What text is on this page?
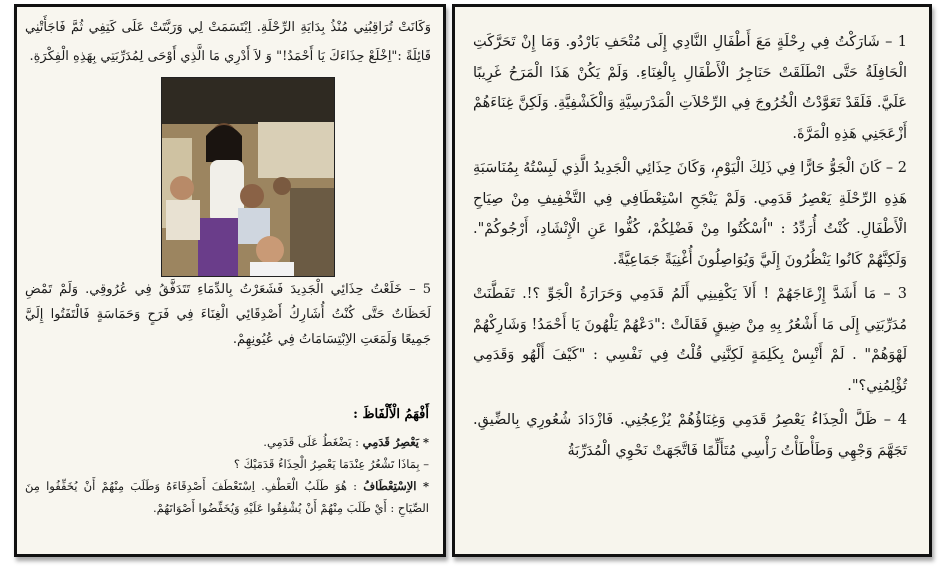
وَكَانَتْ تُرَاقِبُنِي مُنْذُ بِدَايَةِ الرِّحْلَةِ. اِبْتَسَمَتْ لِي وَرَبَّتَتْ عَلَى كَتِفِي ثُمَّ فَاجَأَتْنِي قَائِلَةً :"اِخْلَعْ حِذَاءَكَ يَا أَحْمَدُ!" وَ لاَ أَدْرِي مَا الَّذِي أَوْحَى لِمُدَرِّبَتِي بِهَذِهِ الْفِكْرَةِ.
5 – خَلَعْتُ حِذَائِي الْجَدِيدَ فَشَعَرْتُ بِالدِّمَاءِ تَتَدَفَّقُ فِي عُرُوقِي. وَلَمْ تَمْضِ لَحَظَاتٌ حَتَّى كُنْتُ أُشَارِكُ أَصْدِقَائِي الْغِنَاءَ فِي فَرَحٍ وَحَمَاسَةٍ فَالْتَفَتُوا إِلَيَّ جَمِيعًا وَلَمَعَتِ الاِبْتِسَامَاتُ فِي عُيُونِهِمْ.
أَفْهَمُ الْأَلْفَاظَ :
* يَعْصِرُ قَدَمِي : يَضْغَطُ عَلَى قَدَمِي.
– بِمَاذَا تَشْعُرُ عِنْدَمَا يَعْصِرُ الْحِذَاءُ قَدَمَيْكَ ؟
* الاِسْتِعْطَافُ : هُوَ طَلَبُ الْعَطْفِ. اِسْتَعْطَفَ أَصْدِقَاءَهُ وَطَلَبَ مِنْهُمْ أَنْ يُخَفِّفُوا مِنَ الصِّيَاحِ : أَيْ طَلَبَ مِنْهُمْ أَنْ يُشْفِقُوا عَلَيْهِ وَيُخَفِّضُوا أَصْوَاتَهُمْ.

1 – شَارَكْتُ فِي رِحْلَةٍ مَعَ أَطْفَالِ النَّادِي إِلَى مُتْحَفِ بَارْدُو. وَمَا إِنْ تَحَرَّكَتِ الْحَافِلَةُ حَتَّى انْطَلَقَتْ حَنَاجِرُ الْأَطْفَالِ بِالْغِنَاءِ. وَلَمْ يَكُنْ هَذَا الْمَرَحُ غَرِيبًا عَلَيَّ. فَلَقَدْ تَعَوَّدْتُ الْخُرُوجَ فِي الرِّحْلاَتِ الْمَدْرَسِيَّةِ وَالْكَشْفِيَّةِ. وَلَكِنَّ غِنَاءَهُمْ أَزْعَجَنِي هَذِهِ الْمَرَّةَ.

2 – كَانَ الْجَوُّ حَارًّا فِي ذَلِكَ الْيَوْمِ، وَكَانَ حِذَائِي الْجَدِيدُ الَّذِي لَبِسْتُهُ بِمُنَاسَبَةِ هَذِهِ الرِّحْلَةِ يَعْصِرُ قَدَمِي. وَلَمْ يَنْجَحِ اسْتِعْطَافِي فِي التَّخْفِيفِ مِنْ صِيَاحِ الْأَطْفَالِ. كُنْتُ أُرَدِّدُ : "اُسْكُتُوا مِنْ فَضْلِكُمْ، كُفُّوا عَنِ الْإِنْشَادِ، أَرْجُوكُمْ". وَلَكِنَّهُمْ كَانُوا يَنْظُرُونَ إِلَيَّ وَيُوَاصِلُونَ أُغْنِيَةً جَمَاعِيَّةً.

3 – مَا أَشَدَّ إِزْعَاجَهُمْ ! أَلاَ يَكْفِينِي أَلَمُ قَدَمِي وَحَرَارَةُ الْجَوِّ ؟!. تَفَطَّنَتْ مُدَرِّبَتِي إِلَى مَا أَشْعُرُ بِهِ مِنْ ضِيقٍ فَقَالَتْ :"دَعْهُمْ يَلْهُونَ يَا أَحْمَدُ! وَشَارِكْهُمْ لَهْوَهُمْ" . لَمْ أَنْبِسْ بِكَلِمَةٍ لَكِنَّنِي قُلْتُ فِي نَفْسِي : "كَيْفَ أَلْهُو وَقَدَمِي تُؤْلِمُنِي؟".

4 – ظَلَّ الْحِذَاءُ يَعْصِرُ قَدَمِي وَغِنَاؤُهُمْ يُزْعِجُنِي. فَازْدَادَ شُعُورِي بِالضِّيقِ. تَجَهَّمَ وَجْهِي وَطَأْطَأْتُ رَأْسِي مُتَأَلِّمًا فَاتَّجَهَتْ نَحْوِي الْمُدَرِّبَةُ
